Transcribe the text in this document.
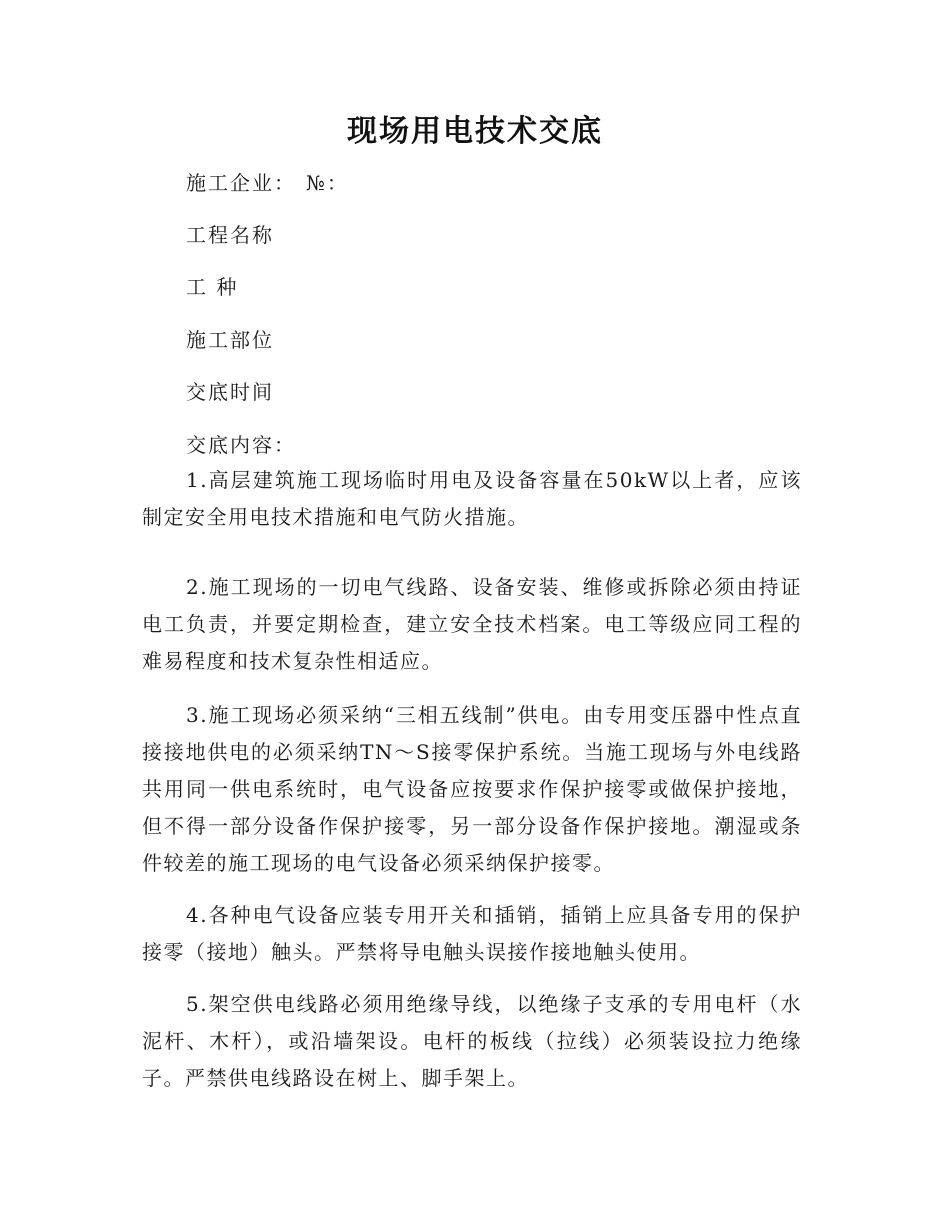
现场用电技术交底
施工企业： №：
工程名称
工 种
施工部位
交底时间
交底内容：

1.高层建筑施工现场临时用电及设备容量在50kW以上者，应该制定安全用电技术措施和电气防火措施。

2.施工现场的一切电气线路、设备安装、维修或拆除必须由持证电工负责，并要定期检查，建立安全技术档案。电工等级应同工程的难易程度和技术复杂性相适应。

3.施工现场必须采纳“三相五线制”供电。由专用变压器中性点直接接地供电的必须采纳TN～S接零保护系统。当施工现场与外电线路共用同一供电系统时，电气设备应按要求作保护接零或做保护接地，但不得一部分设备作保护接零，另一部分设备作保护接地。潮湿或条件较差的施工现场的电气设备必须采纳保护接零。

4.各种电气设备应装专用开关和插销，插销上应具备专用的保护接零（接地）触头。严禁将导电触头误接作接地触头使用。

5.架空供电线路必须用绝缘导线，以绝缘子支承的专用电杆（水泥杆、木杆），或沿墙架设。电杆的板线（拉线）必须装设拉力绝缘子。严禁供电线路设在树上、脚手架上。
